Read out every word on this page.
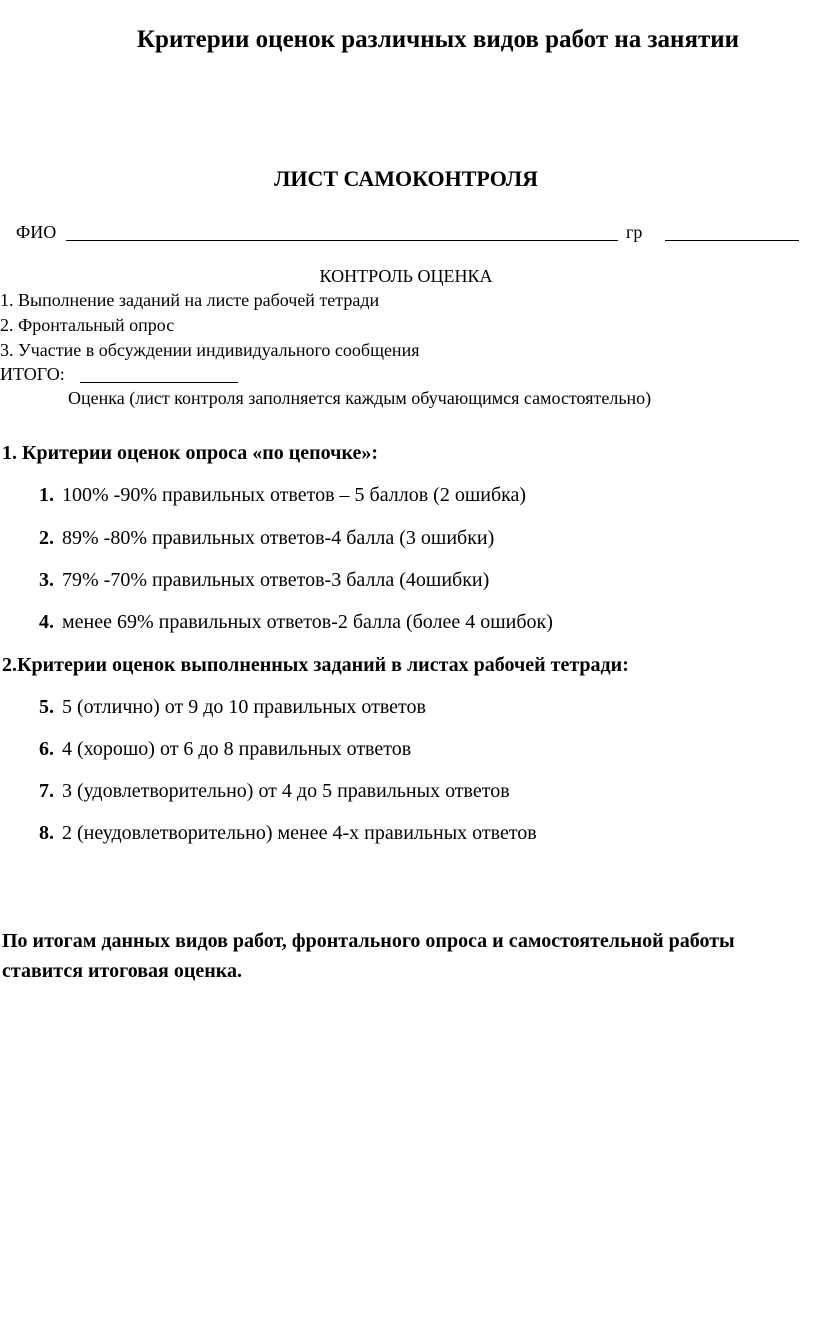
Критерии оценок различных видов работ на занятии
ЛИСТ САМОКОНТРОЛЯ
ФИО	гр
КОНТРОЛЬ ОЦЕНКА
1. Выполнение заданий на листе рабочей тетради
2. Фронтальный опрос
3. Участие в обсуждении индивидуального сообщения
ИТОГО:
Оценка (лист контроля заполняется каждым обучающимся самостоятельно)
1. Критерии оценок опроса «по цепочке»:
1. 100% -90% правильных ответов – 5 баллов (2 ошибка)
2. 89% -80% правильных ответов-4 балла (3 ошибки)
3. 79% -70% правильных ответов-3 балла (4ошибки)
4. менее 69% правильных ответов-2 балла (более 4 ошибок)
2.Критерии оценок выполненных заданий в листах рабочей тетради:
5. 5 (отлично) от 9 до 10 правильных ответов
6. 4 (хорошо) от 6 до 8 правильных ответов
7. 3 (удовлетворительно) от 4 до 5 правильных ответов
8. 2 (неудовлетворительно) менее 4-х правильных ответов
По итогам данных видов работ, фронтального опроса и самостоятельной работы ставится итоговая оценка.
